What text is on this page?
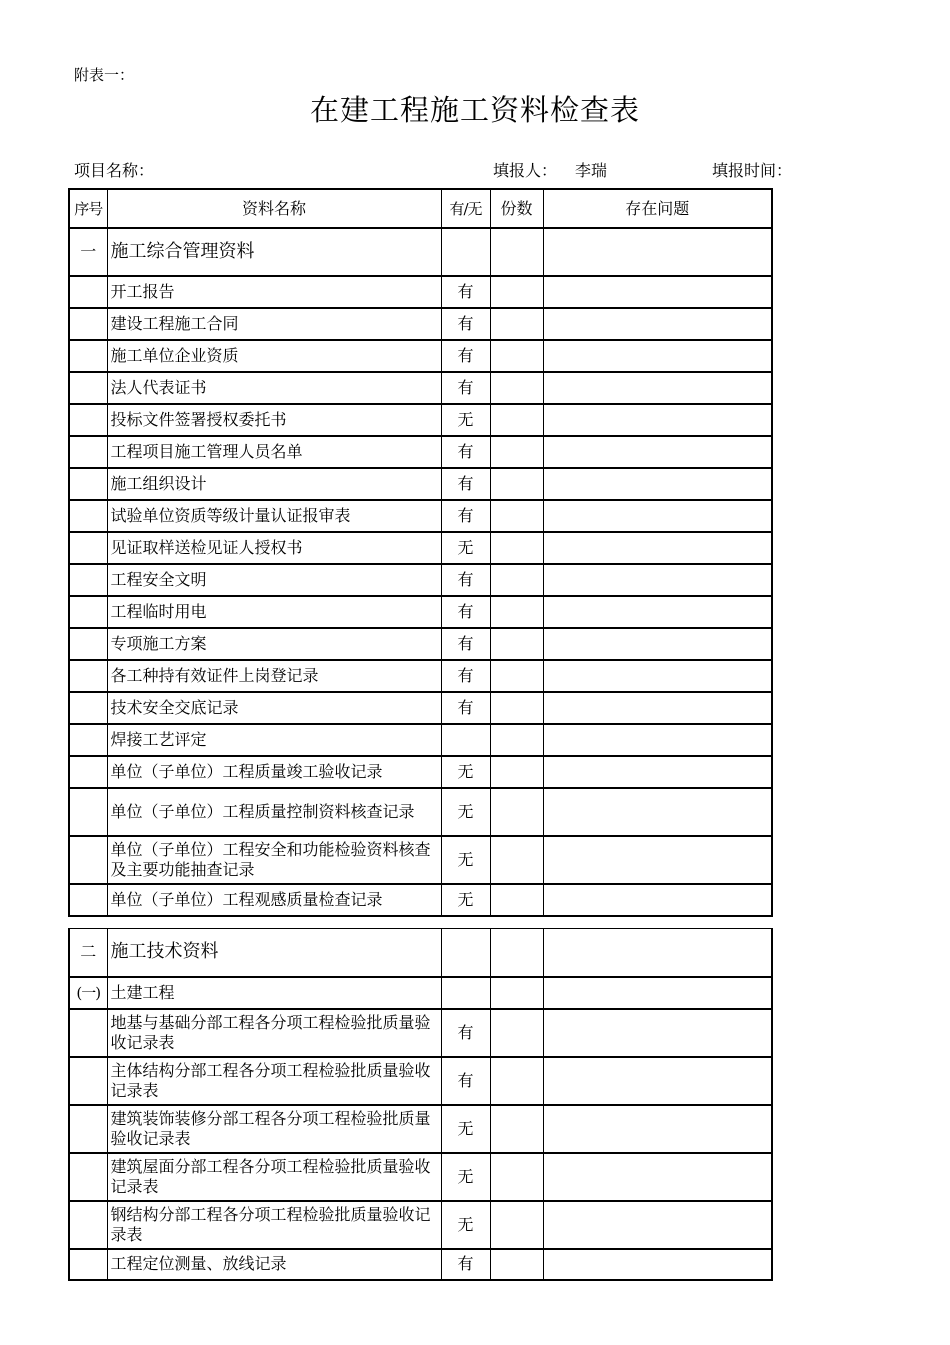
附表一：
在建工程施工资料检查表
项目名称：	填报人： 李瑞	填报时间：
序号	资料名称	有/无	份数	存在问题
一	施工综合管理资料			
	开工报告	有		
	建设工程施工合同	有		
	施工单位企业资质	有		
	法人代表证书	有		
	投标文件签署授权委托书	无		
	工程项目施工管理人员名单	有		
	施工组织设计	有		
	试验单位资质等级计量认证报审表	有		
	见证取样送检见证人授权书	无		
	工程安全文明	有		
	工程临时用电	有		
	专项施工方案	有		
	各工种持有效证件上岗登记录	有		
	技术安全交底记录	有		
	焊接工艺评定			
	单位（子单位）工程质量竣工验收记录	无		
	单位（子单位）工程质量控制资料核查记录	无		
	单位（子单位）工程安全和功能检验资料核查及主要功能抽查记录	无		
	单位（子单位）工程观感质量检查记录	无		
二	施工技术资料			
(一)	土建工程			
	地基与基础分部工程各分项工程检验批质量验收记录表	有		
	主体结构分部工程各分项工程检验批质量验收记录表	有		
	建筑装饰装修分部工程各分项工程检验批质量验收记录表	无		
	建筑屋面分部工程各分项工程检验批质量验收记录表	无		
	钢结构分部工程各分项工程检验批质量验收记录表	无		
	工程定位测量、放线记录	有		
